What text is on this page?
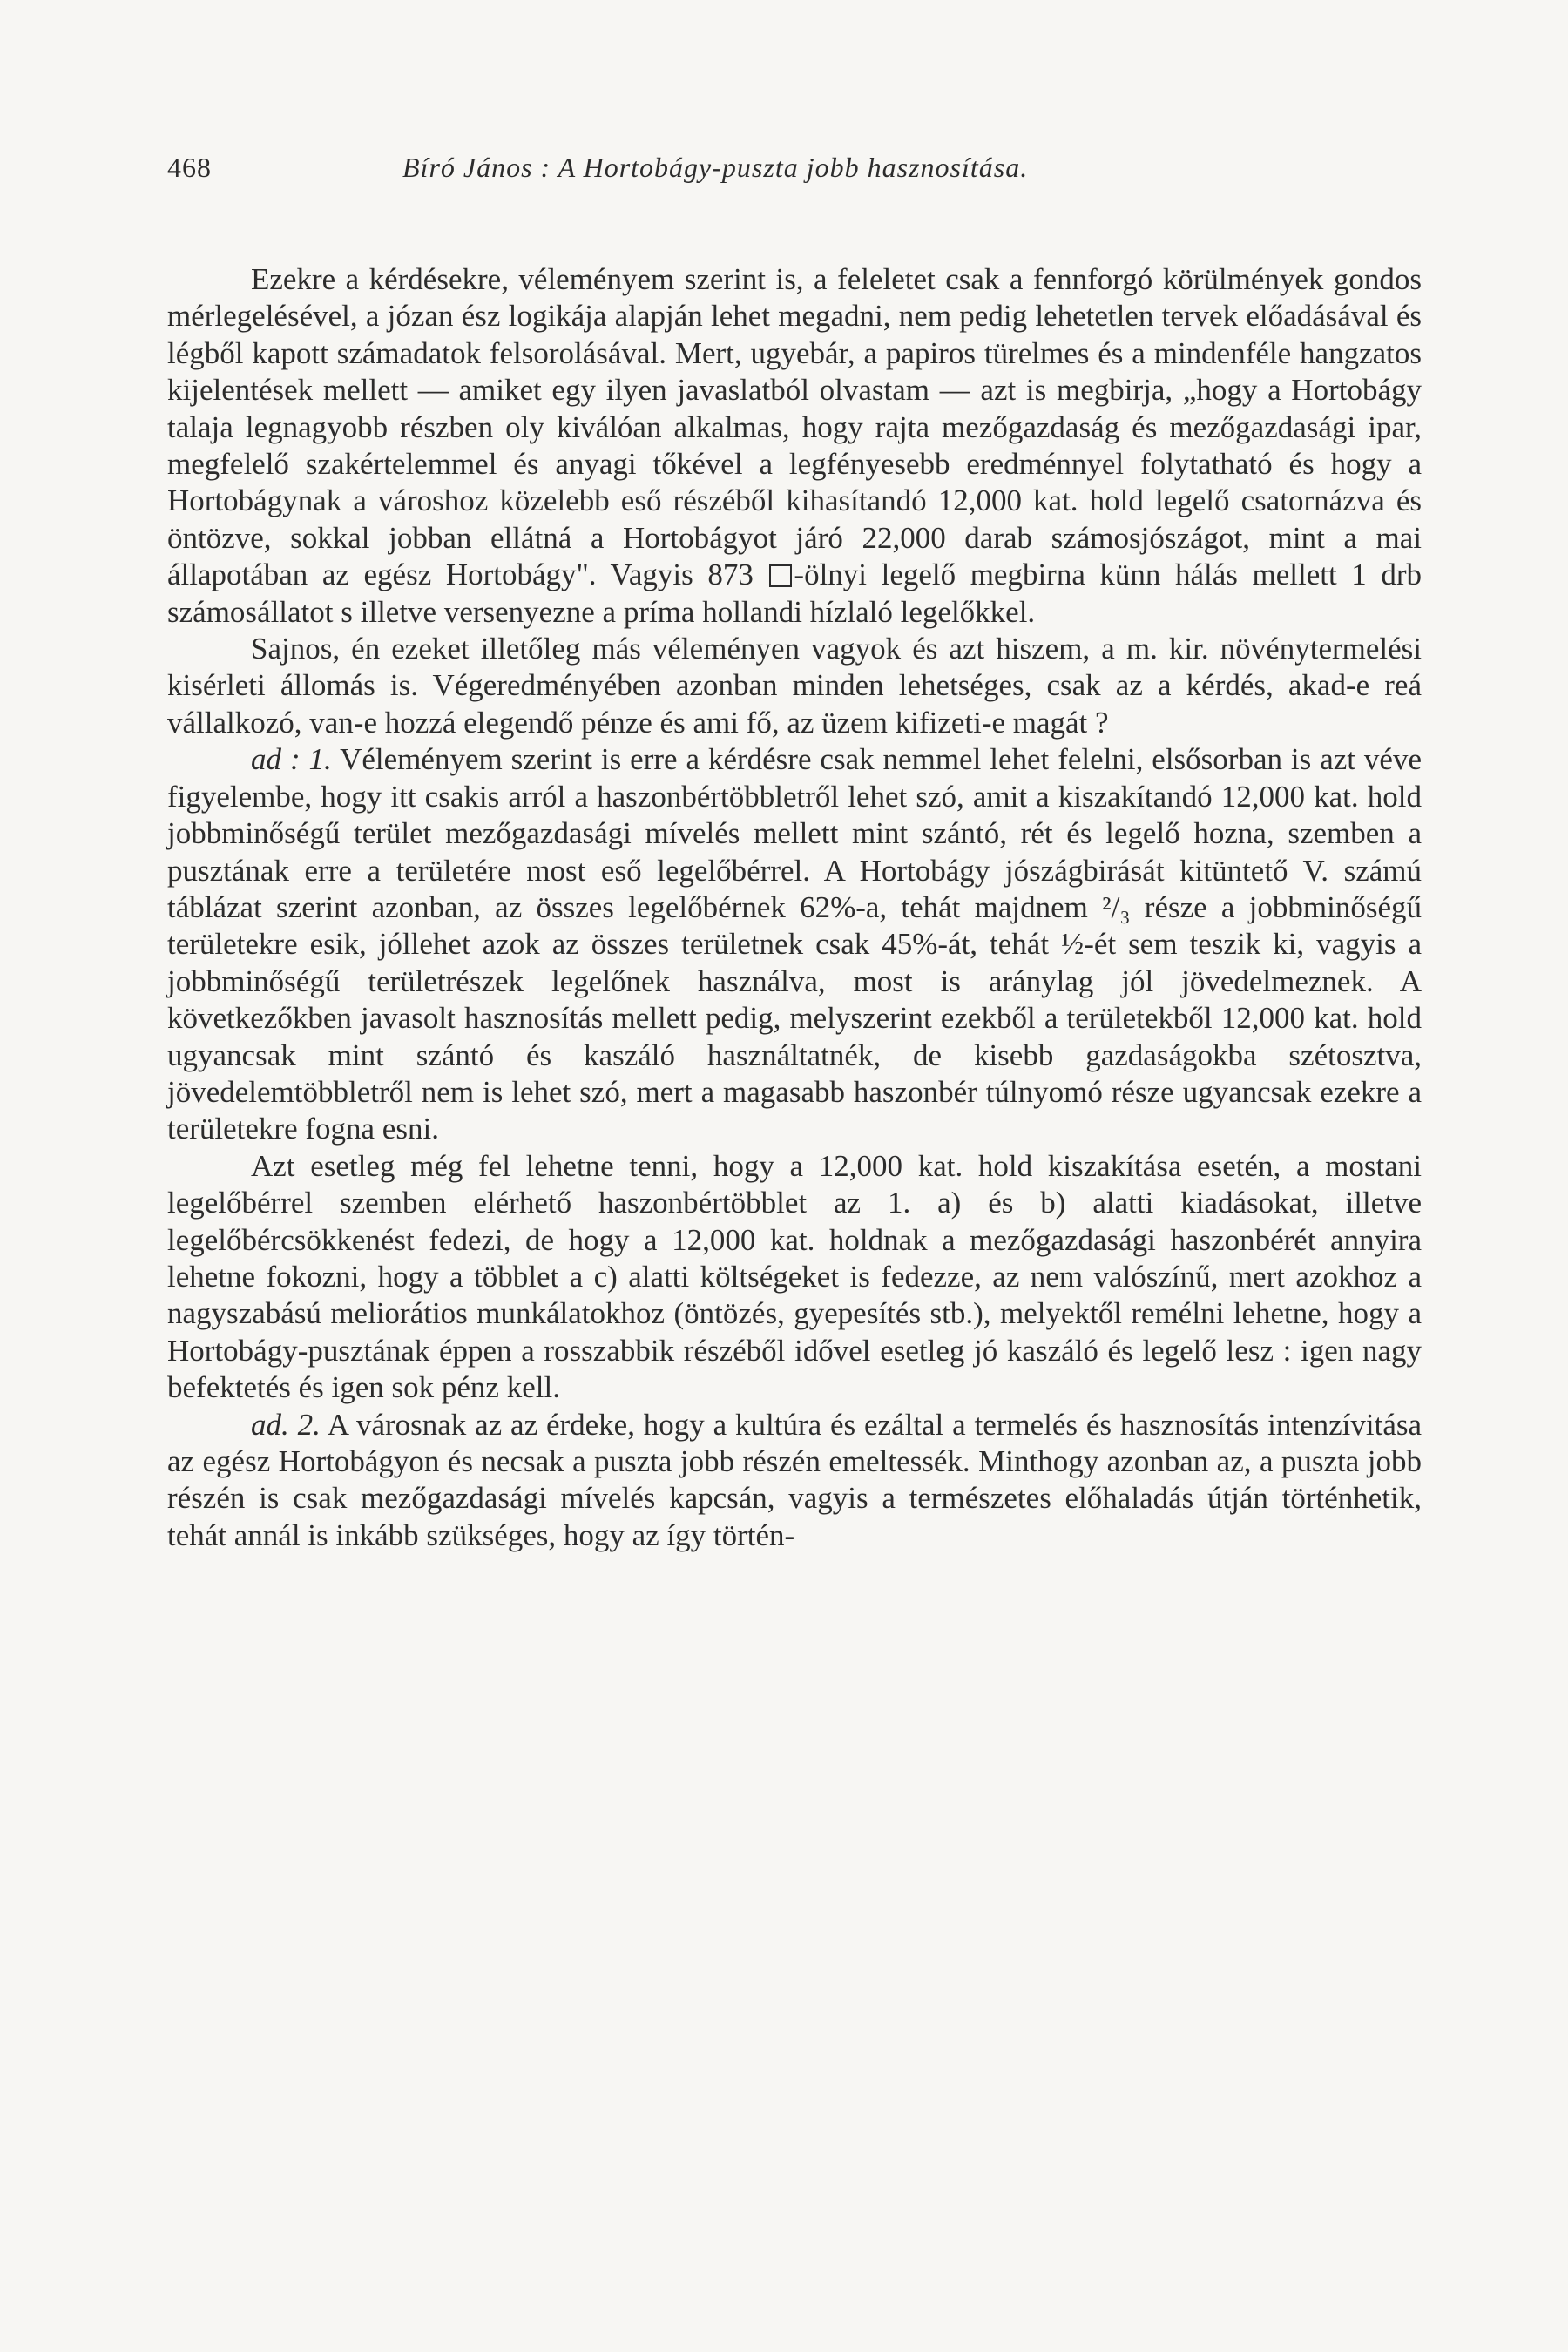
468	Bíró János : A Hortobágy-puszta jobb hasznosítása.

Ezekre a kérdésekre, véleményem szerint is, a feleletet csak a fennforgó körülmények gondos mérlegelésével, a józan ész logikája alapján lehet megadni, nem pedig lehetetlen tervek előadásával és légből kapott számadatok felsorolásával. Mert, ugyebár, a papiros türelmes és a mindenféle hangzatos kijelentések mellett — amiket egy ilyen javaslatból olvastam — azt is megbirja, „hogy a Hortobágy talaja legnagyobb részben oly kiválóan alkalmas, hogy rajta mezőgazdaság és mezőgazdasági ipar, megfelelő szakértelemmel és anyagi tőkével a legfényesebb eredménnyel folytatható és hogy a Hortobágynak a városhoz közelebb eső részéből kihasítandó 12,000 kat. hold legelő csatornázva és öntözve, sokkal jobban ellátná a Hortobágyot járó 22,000 darab számosjószágot, mint a mai állapotában az egész Hortobágy". Vagyis 873 -ölnyi legelő megbirna künn hálás mellett 1 drb számosállatot s illetve versenyezne a príma hollandi hízlaló legelőkkel.

Sajnos, én ezeket illetőleg más véleményen vagyok és azt hiszem, a m. kir. növénytermelési kisérleti állomás is. Végeredményében azonban minden lehetséges, csak az a kérdés, akad-e reá vállalkozó, van-e hozzá elegendő pénze és ami fő, az üzem kifizeti-e magát ?

ad : 1. Véleményem szerint is erre a kérdésre csak nemmel lehet felelni, elsősorban is azt véve figyelembe, hogy itt csakis arról a haszonbértöbbletről lehet szó, amit a kiszakítandó 12,000 kat. hold jobbminőségű terület mezőgazdasági mívelés mellett mint szántó, rét és legelő hozna, szemben a pusztának erre a területére most eső legelőbérrel. A Hortobágy jószágbirását kitüntető V. számú táblázat szerint azonban, az összes legelőbérnek 62%-a, tehát majdnem ²/₃ része a jobbminőségű területekre esik, jóllehet azok az összes területnek csak 45%-át, tehát ½-ét sem teszik ki, vagyis a jobbminőségű területrészek legelőnek használva, most is aránylag jól jövedelmeznek. A következőkben javasolt hasznosítás mellett pedig, melyszerint ezekből a területekből 12,000 kat. hold ugyancsak mint szántó és kaszáló használtatnék, de kisebb gazdaságokba szétosztva, jövedelemtöbbletről nem is lehet szó, mert a magasabb haszonbér túlnyomó része ugyancsak ezekre a területekre fogna esni.

Azt esetleg még fel lehetne tenni, hogy a 12,000 kat. hold kiszakítása esetén, a mostani legelőbérrel szemben elérhető haszonbértöbblet az 1. a) és b) alatti kiadásokat, illetve legelőbércsökkenést fedezi, de hogy a 12,000 kat. holdnak a mezőgazdasági haszonbérét annyira lehetne fokozni, hogy a többlet a c) alatti költségeket is fedezze, az nem valószínű, mert azokhoz a nagyszabású meliorátios munkálatokhoz (öntözés, gyepesítés stb.), melyektől remélni lehetne, hogy a Hortobágy-pusztának éppen a rosszabbik részéből idővel esetleg jó kaszáló és legelő lesz : igen nagy befektetés és igen sok pénz kell.

ad. 2. A városnak az az érdeke, hogy a kultúra és ezáltal a termelés és hasznosítás intenzívitása az egész Hortobágyon és necsak a puszta jobb részén emeltessék. Minthogy azonban az, a puszta jobb részén is csak mezőgazdasági mívelés kapcsán, vagyis a természetes előhaladás útján történhetik, tehát annál is inkább szükséges, hogy az így történ-
